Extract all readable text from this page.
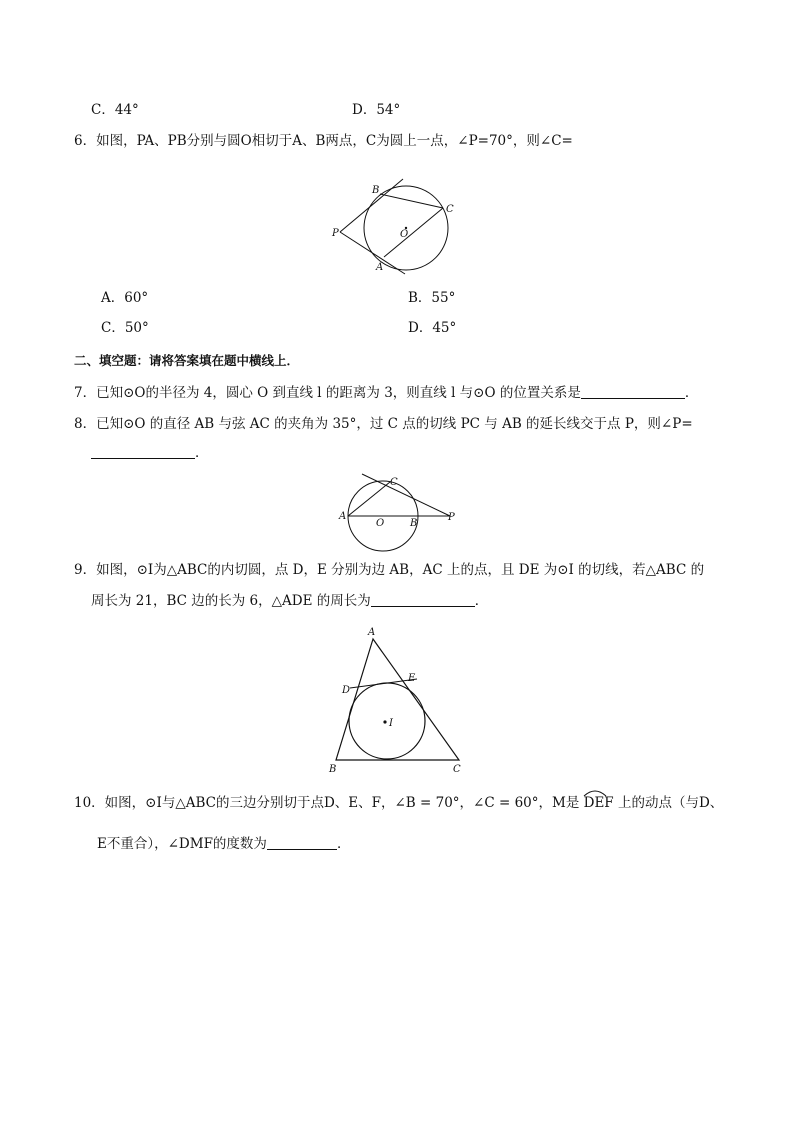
C．44°	D．54°
6．如图，PA、PB分别与圆O相切于A、B两点，C为圆上一点，∠P=70°，则∠C=
B
C
O
P
A
A．60°	B．55°
C．50°	D．45°
二、填空题：请将答案填在题中横线上．
7．已知⊙O的半径为 4，圆心 O 到直线 l 的距离为 3，则直线 l 与⊙O 的位置关系是	．
8．已知⊙O 的直径 AB 与弦 AC 的夹角为 35°，过 C 点的切线 PC 与 AB 的延长线交于点 P，则∠P=
．
C
A
O	B
P
9．如图，⊙I为△ABC的内切圆，点 D，E 分别为边 AB，AC 上的点，且 DE 为⊙I 的切线，若△ABC 的
周长为 21，BC 边的长为 6，△ADE 的周长为	．
A
D
E
I
B	C
10．如图，⊙I与△ABC的三边分别切于点D、E、F，∠B = 70°，∠C = 60°，M是 DEF 上的动点（与D、
E不重合），∠DMF的度数为	．
